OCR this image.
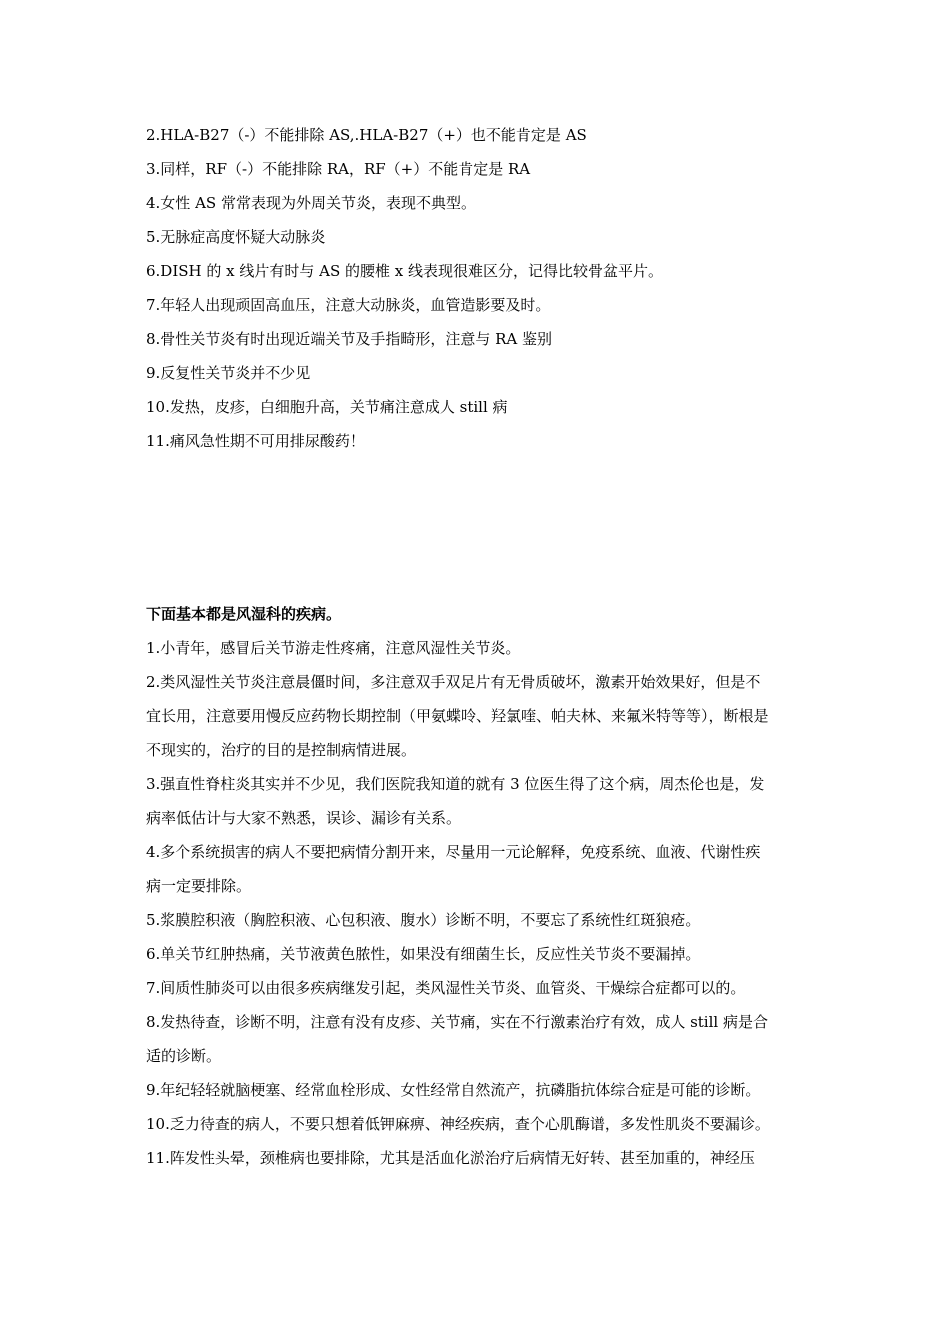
2.HLA-B27（-）不能排除 AS,.HLA-B27（+）也不能肯定是 AS
3.同样，RF（-）不能排除 RA，RF（+）不能肯定是 RA
4.女性 AS 常常表现为外周关节炎，表现不典型。
5.无脉症高度怀疑大动脉炎
6.DISH 的 x 线片有时与 AS 的腰椎 x 线表现很难区分，记得比较骨盆平片。
7.年轻人出现顽固高血压，注意大动脉炎，血管造影要及时。
8.骨性关节炎有时出现近端关节及手指畸形，注意与 RA 鉴别
9.反复性关节炎并不少见
10.发热，皮疹，白细胞升高，关节痛注意成人 still 病
11.痛风急性期不可用排尿酸药！
下面基本都是风湿科的疾病。
1.小青年，感冒后关节游走性疼痛，注意风湿性关节炎。
2.类风湿性关节炎注意晨僵时间，多注意双手双足片有无骨质破坏，激素开始效果好，但是不
宜长用，注意要用慢反应药物长期控制（甲氨蝶呤、羟氯喹、帕夫林、来氟米特等等），断根是
不现实的，治疗的目的是控制病情进展。
3.强直性脊柱炎其实并不少见，我们医院我知道的就有 3 位医生得了这个病，周杰伦也是，发
病率低估计与大家不熟悉，误诊、漏诊有关系。
4.多个系统损害的病人不要把病情分割开来，尽量用一元论解释，免疫系统、血液、代谢性疾
病一定要排除。
5.浆膜腔积液（胸腔积液、心包积液、腹水）诊断不明，不要忘了系统性红斑狼疮。
6.单关节红肿热痛，关节液黄色脓性，如果没有细菌生长，反应性关节炎不要漏掉。
7.间质性肺炎可以由很多疾病继发引起，类风湿性关节炎、血管炎、干燥综合症都可以的。
8.发热待查，诊断不明，注意有没有皮疹、关节痛，实在不行激素治疗有效，成人 still 病是合
适的诊断。
9.年纪轻轻就脑梗塞、经常血栓形成、女性经常自然流产，抗磷脂抗体综合症是可能的诊断。
10.乏力待查的病人，不要只想着低钾麻痹、神经疾病，查个心肌酶谱，多发性肌炎不要漏诊。
11.阵发性头晕，颈椎病也要排除，尤其是活血化淤治疗后病情无好转、甚至加重的，神经压
